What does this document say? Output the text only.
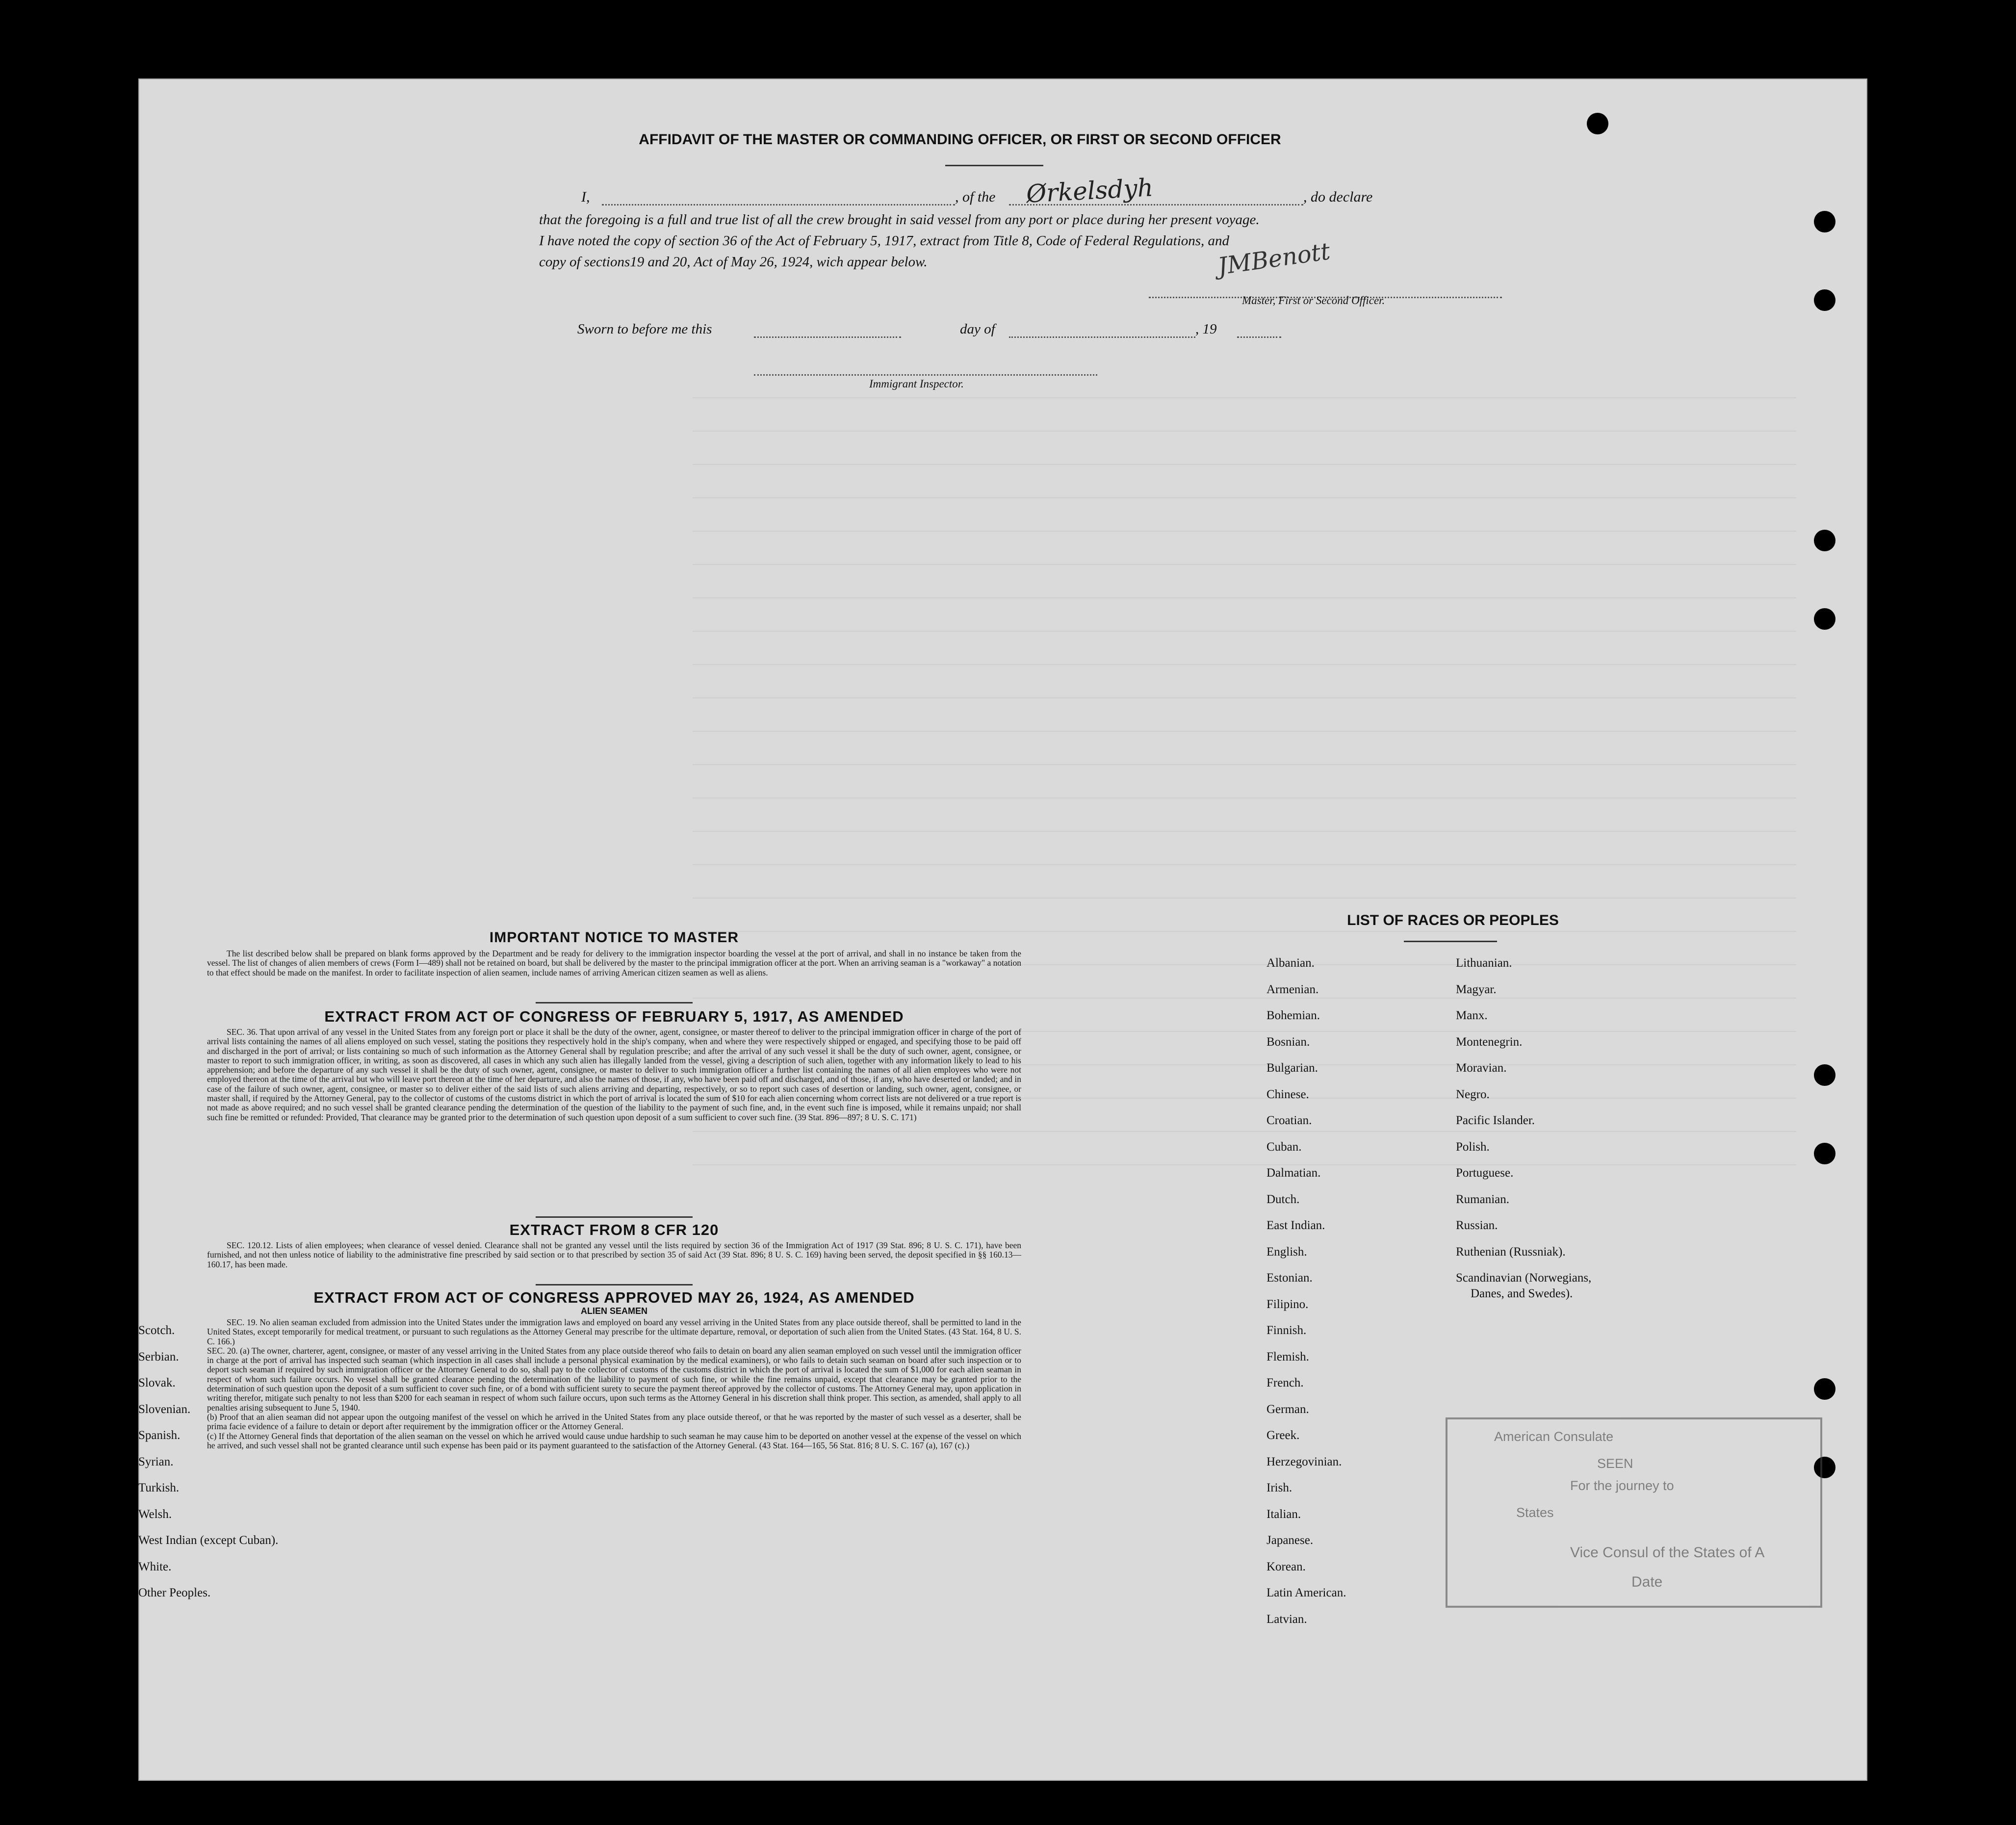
AFFIDAVIT OF THE MASTER OR COMMANDING OFFICER, OR FIRST OR SECOND OFFICER
I,	, of the Ørkelsdyh	, do declare
that the foregoing is a full and true list of all the crew brought in said vessel from any port or place during her present voyage.
I have noted the copy of section 36 of the Act of February 5, 1917, extract from Title 8, Code of Federal Regulations, and
copy of sections19 and 20, Act of May 26, 1924, wich appear below.	JMBenott
Master, First or Second Officer.
Sworn to before me this	day of	, 19
Immigrant Inspector.
IMPORTANT NOTICE TO MASTER
The list described below shall be prepared on blank forms approved by the Department and be ready for delivery to the immigration inspector boarding the vessel at the port of arrival, and shall in no instance be taken from the vessel. The list of changes of alien members of crews (Form I—489) shall not be retained on board, but shall be delivered by the master to the principal immigration officer at the port. When an arriving seaman is a "workaway" a notation to that effect should be made on the manifest. In order to facilitate inspection of alien seamen, include names of arriving American citizen seamen as well as aliens.
EXTRACT FROM ACT OF CONGRESS OF FEBRUARY 5, 1917, AS AMENDED
SEC. 36. That upon arrival of any vessel in the United States from any foreign port or place it shall be the duty of the owner, agent, consignee, or master thereof to deliver to the principal immigration officer in charge of the port of arrival lists containing the names of all aliens employed on such vessel, stating the positions they respectively hold in the ship's company, when and where they were respectively shipped or engaged, and specifying those to be paid off and discharged in the port of arrival; or lists containing so much of such information as the Attorney General shall by regulation prescribe; and after the arrival of any such vessel it shall be the duty of such owner, agent, consignee, or master to report to such immigration officer, in writing, as soon as discovered, all cases in which any such alien has illegally landed from the vessel, giving a description of such alien, together with any information likely to lead to his apprehension; and before the departure of any such vessel it shall be the duty of such owner, agent, consignee, or master to deliver to such immigration officer a further list containing the names of all alien employees who were not employed thereon at the time of the arrival but who will leave port thereon at the time of her departure, and also the names of those, if any, who have been paid off and discharged, and of those, if any, who have deserted or landed; and in case of the failure of such owner, agent, consignee, or master so to deliver either of the said lists of such aliens arriving and departing, respectively, or so to report such cases of desertion or landing, such owner, agent, consignee, or master shall, if required by the Attorney General, pay to the collector of customs of the customs district in which the port of arrival is located the sum of $10 for each alien concerning whom correct lists are not delivered or a true report is not made as above required; and no such vessel shall be granted clearance pending the determination of the question of the liability to the payment of such fine, and, in the event such fine is imposed, while it remains unpaid; nor shall such fine be remitted or refunded: Provided, That clearance may be granted prior to the determination of such question upon deposit of a sum sufficient to cover such fine. (39 Stat. 896—897; 8 U. S. C. 171)
EXTRACT FROM 8 CFR 120
SEC. 120.12. Lists of alien employees; when clearance of vessel denied. Clearance shall not be granted any vessel until the lists required by section 36 of the Immigration Act of 1917 (39 Stat. 896; 8 U. S. C. 171), have been furnished, and not then unless notice of liability to the administrative fine prescribed by said section or to that prescribed by section 35 of said Act (39 Stat. 896; 8 U. S. C. 169) having been served, the deposit specified in §§ 160.13—160.17, has been made.
EXTRACT FROM ACT OF CONGRESS APPROVED MAY 26, 1924, AS AMENDED
ALIEN SEAMEN
SEC. 19. No alien seaman excluded from admission into the United States under the immigration laws and employed on board any vessel arriving in the United States from any place outside thereof, shall be permitted to land in the United States, except temporarily for medical treatment, or pursuant to such regulations as the Attorney General may prescribe for the ultimate departure, removal, or deportation of such alien from the United States. (43 Stat. 164, 8 U. S. C. 166.)
SEC. 20. (a) The owner, charterer, agent, consignee, or master of any vessel arriving in the United States from any place outside thereof who fails to detain on board any alien seaman employed on such vessel until the immigration officer in charge at the port of arrival has inspected such seaman (which inspection in all cases shall include a personal physical examination by the medical examiners), or who fails to detain such seaman on board after such inspection or to deport such seaman if required by such immigration officer or the Attorney General to do so, shall pay to the collector of customs of the customs district in which the port of arrival is located the sum of $1,000 for each alien seaman in respect of whom such failure occurs. No vessel shall be granted clearance pending the determination of the liability to payment of such fine, or while the fine remains unpaid, except that clearance may be granted prior to the determination of such question upon the deposit of a sum sufficient to cover such fine, or of a bond with sufficient surety to secure the payment thereof approved by the collector of customs. The Attorney General may, upon application in writing therefor, mitigate such penalty to not less than $200 for each seaman in respect of whom such failure occurs, upon such terms as the Attorney General in his discretion shall think proper. This section, as amended, shall apply to all penalties arising subsequent to June 5, 1940.
(b) Proof that an alien seaman did not appear upon the outgoing manifest of the vessel on which he arrived in the United States from any place outside thereof, or that he was reported by the master of such vessel as a deserter, shall be prima facie evidence of a failure to detain or deport after requirement by the immigration officer or the Attorney General.
(c) If the Attorney General finds that deportation of the alien seaman on the vessel on which he arrived would cause undue hardship to such seaman he may cause him to be deported on another vessel at the expense of the vessel on which he arrived, and such vessel shall not be granted clearance until such expense has been paid or its payment guaranteed to the satisfaction of the Attorney General. (43 Stat. 164—165, 56 Stat. 816; 8 U. S. C. 167 (a), 167 (c).)
LIST OF RACES OR PEOPLES
American Consulate
SEEN
For the journey to
States
Vice Consul of the States of A
Date
Albanian.
Armenian.
Bohemian.
Bosnian.
Bulgarian.
Chinese.
Croatian.
Cuban.
Dalmatian.
Dutch.
East Indian.
English.
Estonian.
Filipino.
Finnish.
Flemish.
French.
German.
Greek.
Herzegovinian.
Irish.
Italian.
Japanese.
Korean.
Latin American.
Latvian.
Lithuanian.
Magyar.
Manx.
Montenegrin.
Moravian.
Negro.
Pacific Islander.
Polish.
Portuguese.
Rumanian.
Russian.
Ruthenian (Russniak).
Scandinavian (Norwegians,
Danes, and Swedes).
Scotch.
Serbian.
Slovak.
Slovenian.
Spanish.
Syrian.
Turkish.
Welsh.
West Indian (except Cuban).
White.
Other Peoples.
